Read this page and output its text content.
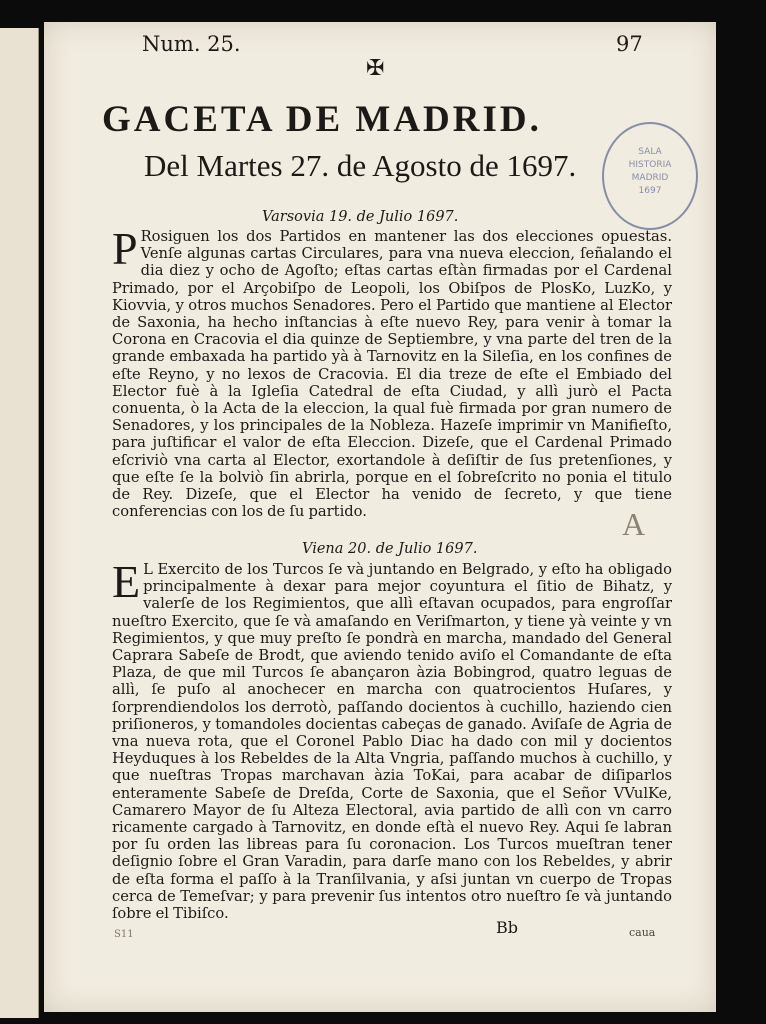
Num. 25.	97
✠
GACETA DE MADRID.
Del Martes 27. de Agosto de 1697.	SALA
HISTORIA
MADRID
1697
Varsovia 19. de Julio 1697.
P Rosiguen los dos Partidos en mantener las dos elecciones opuestas. Venſe algunas cartas Circulares, para vna nueva eleccion, ſeñalando el dia diez y ocho de Agoſto; eſtas cartas eſtàn firmadas por el Cardenal Primado, por el Arçobiſpo de Leopoli, los Obiſpos de PlosKo, LuzKo, y Kiovvia, y otros muchos Senadores. Pero el Partido que mantiene al Elector de Saxonia, ha hecho inſtancias à eſte nuevo Rey, para venir à tomar la Corona en Cracovia el dia quinze de Septiembre, y vna parte del tren de la grande embaxada ha partido yà à Tarnovitz en la Sileſia, en los confines de eſte Reyno, y no lexos de Cracovia. El dia treze de eſte el Embiado del Elector fuè à la Igleſia Catedral de eſta Ciudad, y allì jurò el Pacta conuenta, ò la Acta de la eleccion, la qual fuè firmada por gran numero de Senadores, y los principales de la Nobleza. Hazeſe imprimir vn Manifieſto, para juſtificar el valor de eſta Eleccion. Dizeſe, que el Cardenal Primado eſcriviò vna carta al Elector, exortandole à deſiſtir de ſus pretenſiones, y que eſte ſe la bolviò ſin abrirla, porque en el ſobreſcrito no ponia el titulo de Rey. Dizeſe, que el Elector ha venido de ſecreto, y que tiene conferencias con los de ſu partido.	A
Viena 20. de Julio 1697.
E L Exercito de los Turcos ſe và juntando en Belgrado, y eſto ha obligado principalmente à dexar para mejor coyuntura el ſitio de Bihatz, y valerſe de los Regimientos, que allì eſtavan ocupados, para engroſſar nueſtro Exercito, que ſe và amaſando en Veriſmarton, y tiene yà veinte y vn Regimientos, y que muy preſto ſe pondrà en marcha, mandado del General Caprara Sabeſe de Brodt, que aviendo tenido aviſo el Comandante de eſta Plaza, de que mil Turcos ſe abançaron àzia Bobingrod, quatro leguas de allì, ſe puſo al anochecer en marcha con quatrocientos Huſares, y ſorprendiendolos los derrotò, paſſando docientos à cuchillo, haziendo cien priſioneros, y tomandoles docientas cabeças de ganado. Aviſaſe de Agria de vna nueva rota, que el Coronel Pablo Diac ha dado con mil y docientos Heyduques à los Rebeldes de la Alta Vngria, paſſando muchos à cuchillo, y que nueſtras Tropas marchavan àzia ToKai, para acabar de diſiparlos enteramente Sabeſe de Dreſda, Corte de Saxonia, que el Señor VVulKe, Camarero Mayor de ſu Alteza Electoral, avia partido de allì con vn carro ricamente cargado à Tarnovitz, en donde eſtà el nuevo Rey. Aqui ſe labran por ſu orden las libreas para ſu coronacion. Los Turcos mueſtran tener deſignio ſobre el Gran Varadin, para darſe mano con los Rebeldes, y abrir de eſta forma el paſſo à la Tranſilvania, y aſsi juntan vn cuerpo de Tropas cerca de Temeſvar; y para prevenir ſus intentos otro nueſtro ſe và juntando ſobre el Tibiſco.
S11	Bb	caua
